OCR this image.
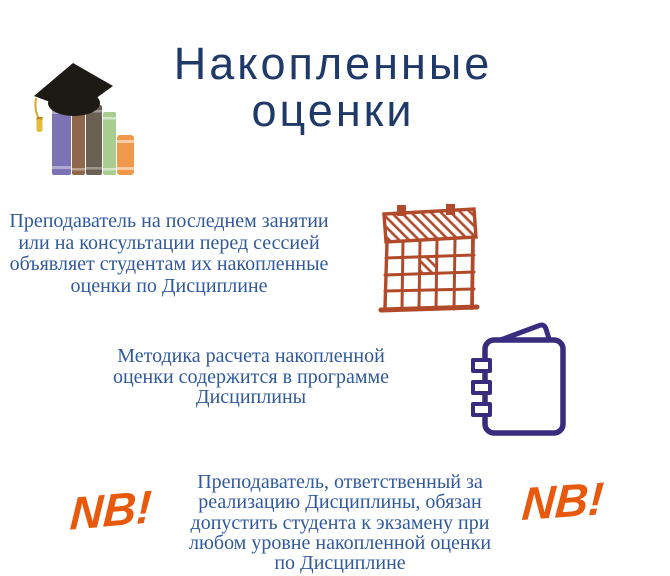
Накопленные
оценки

Преподаватель на последнем занятии
или на консультации перед сессией
объявляет студентам их накопленные
оценки по Дисциплине

Методика расчета накопленной
оценки содержится в программе
Дисциплины

NB!	Преподаватель, ответственный за
реализацию Дисциплины, обязан
допустить студента к экзамену при
любом уровне накопленной оценки
по Дисциплине

NB!
